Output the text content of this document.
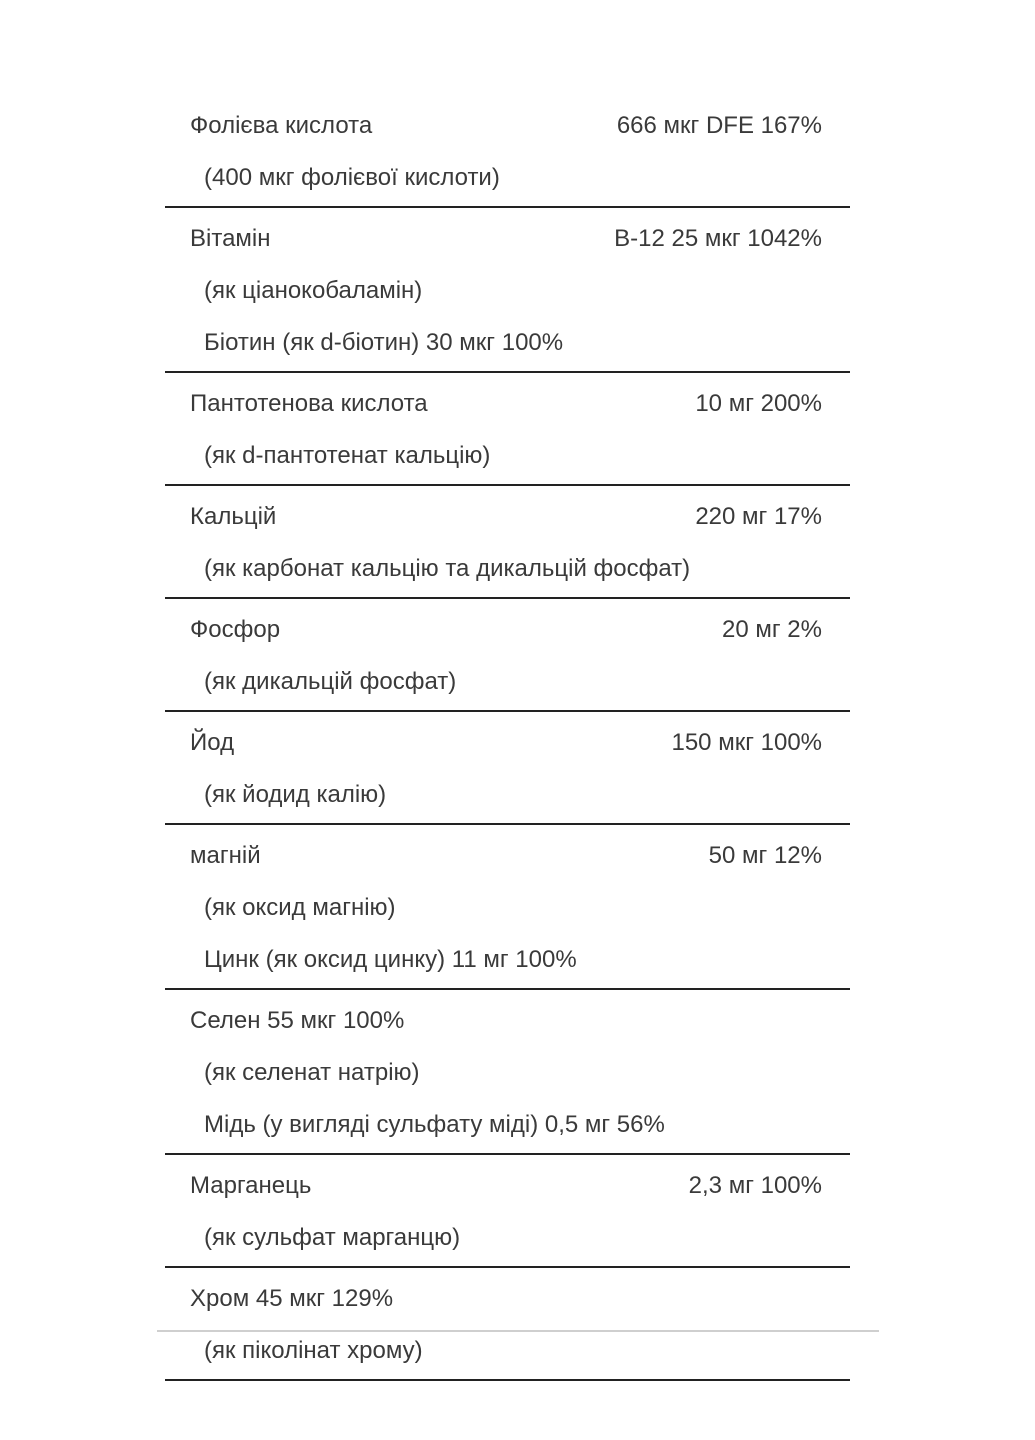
Фолієва кислота	666 мкг DFE 167%
(400 мкг фолієвої кислоти)
Вітамін	B-12 25 мкг 1042%
(як ціанокобаламін)
Біотин (як d-біотин) 30 мкг 100%
Пантотенова кислота	10 мг 200%
(як d-пантотенат кальцію)
Кальцій	220 мг 17%
(як карбонат кальцію та дикальцій фосфат)
Фосфор	20 мг 2%
(як дикальцій фосфат)
Йод	150 мкг 100%
(як йодид калію)
магній	50 мг 12%
(як оксид магнію)
Цинк (як оксид цинку) 11 мг 100%
Селен 55 мкг 100%
(як селенат натрію)
Мідь (у вигляді сульфату міді) 0,5 мг 56%
Марганець	2,3 мг 100%
(як сульфат марганцю)
Хром 45 мкг 129%
(як піколінат хрому)
